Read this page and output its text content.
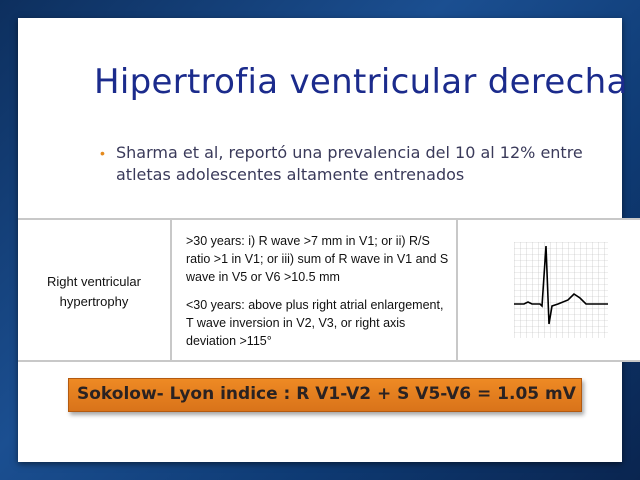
Hipertrofia ventricular derecha
• Sharma et al, reportó una prevalencia del 10 al 12% entre atletas adolescentes altamente entrenados
Right ventricular hypertrophy
>30 years: i) R wave >7 mm in V1; or ii) R/S ratio >1 in V1; or iii) sum of R wave in V1 and S wave in V5 or V6 >10.5 mm
<30 years: above plus right atrial enlargement, T wave inversion in V2, V3, or right axis deviation >115°
Sokolow- Lyon indice : R V1-V2 + S V5-V6 = 1.05 mV
